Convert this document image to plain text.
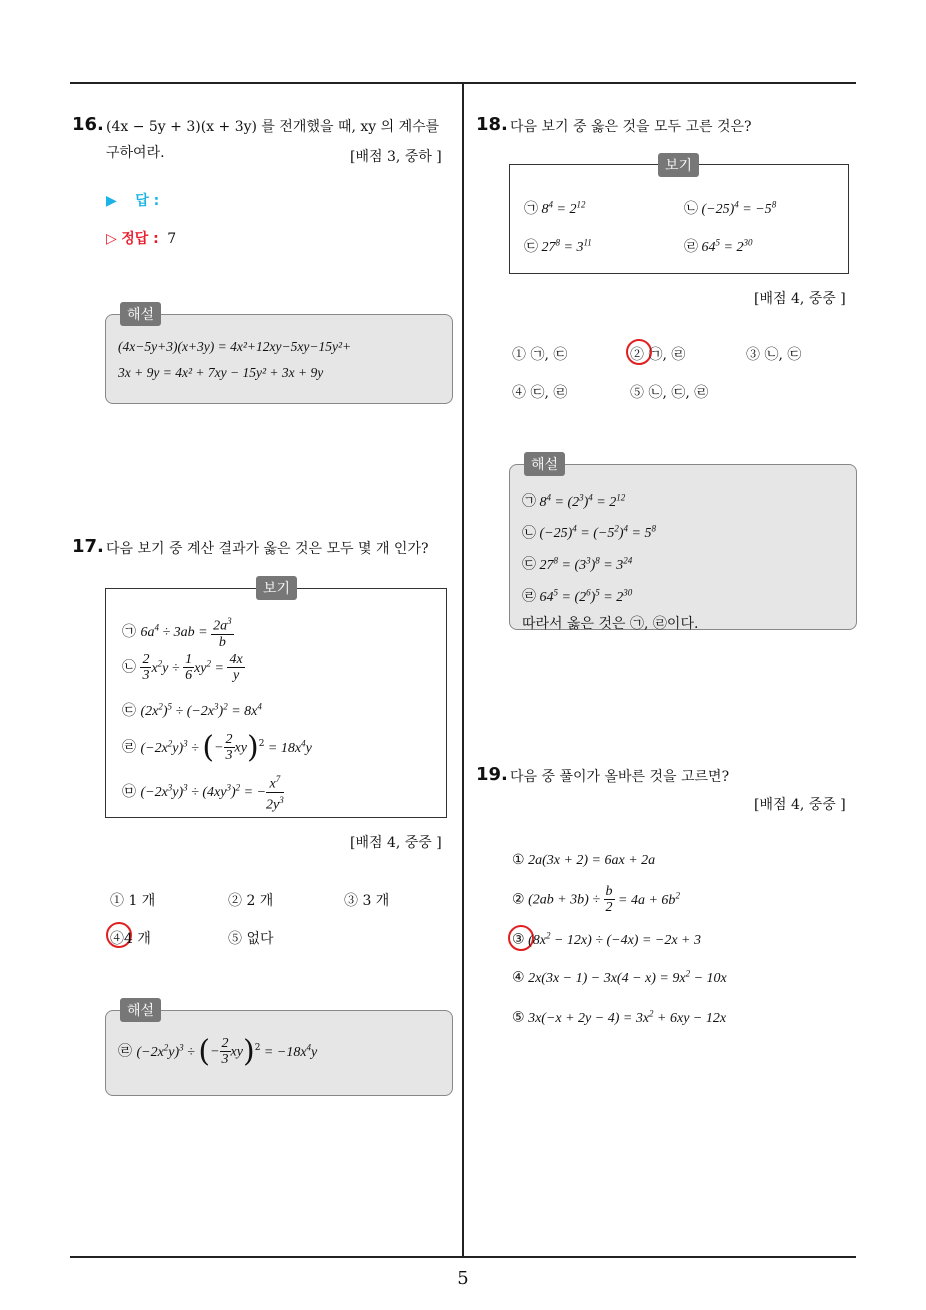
5
16. (4x − 5y + 3)(x + 3y) 를 전개했을 때, xy 의 계수를
구하여라.	[배점 3, 중하 ]
▶ 답 :
▷ 정답 : 7
해설
(4x−5y+3)(x+3y) = 4x²+12xy−5xy−15y²+
3x + 9y = 4x² + 7xy − 15y² + 3x + 9y
17. 다음 보기 중 계산 결과가 옳은 것은 모두 몇 개 인가?
보기
㉠ $6a^4 \div 3ab = \frac{2a^3}{b}$
㉡ $\frac{2}{3} x^2y \div \frac{1}{6} xy^2 = \frac{4x}{y}$
㉢ $(2x^2)^5 \div (-2x^3)^2 = 8x^4$
㉣ $(-2x^2y)^3$ ÷ (− $\frac{2}{3} xy)^2 = 18x^4y$
㉤ $(-2x^3y)^3 \div (4xy^3)^2$ = − $\frac{x^7}{2y^3}$
[배점 4, 중중 ]
① 1 개	② 2 개	③ 3 개
④4 개	⑤ 없다
해설
㉣ $(-2x^2y)^3$ ÷ (− $\frac{2}{3} xy)^2 = -18x^4y$
18. 다음 보기 중 옳은 것을 모두 고른 것은?
보기
㉠ $8^4 = 2^{12}$	㉡ $(-25)^4 = -5^8$
㉢ $27^8 = 3^{11}$	㉣ $64^5 = 2^{30}$
[배점 4, 중중 ]
① ㉠, ㉢	② ㉠, ㉣	③ ㉡, ㉢
④ ㉢, ㉣	⑤ ㉡, ㉢, ㉣
해설
㉠ $8^4 = (2^3)^4 = 2^{12}$
㉡ $(-25)^4 = (-5^2)^4 = 5^8$
㉢ $27^8 = (3^3)^8 = 3^{24}$
㉣ $64^5 = (2^6)^5 = 2^{30}$
따라서 옳은 것은 ㉠, ㉣이다.
19. 다음 중 풀이가 올바른 것을 고르면?
[배점 4, 중중 ]
① 2a(3x + 2) = 6ax + 2a
② $(2ab + 3b) \div \frac{b}{2} = 4a + 6b^2$
③ $(8x^2 - 12x) \div (-4x) = -2x + 3$
④ $2x(3x - 1) - 3x(4 - x) = 9x^2 - 10x$
⑤ $3x(-x + 2y - 4) = 3x^2 + 6xy - 12x$
